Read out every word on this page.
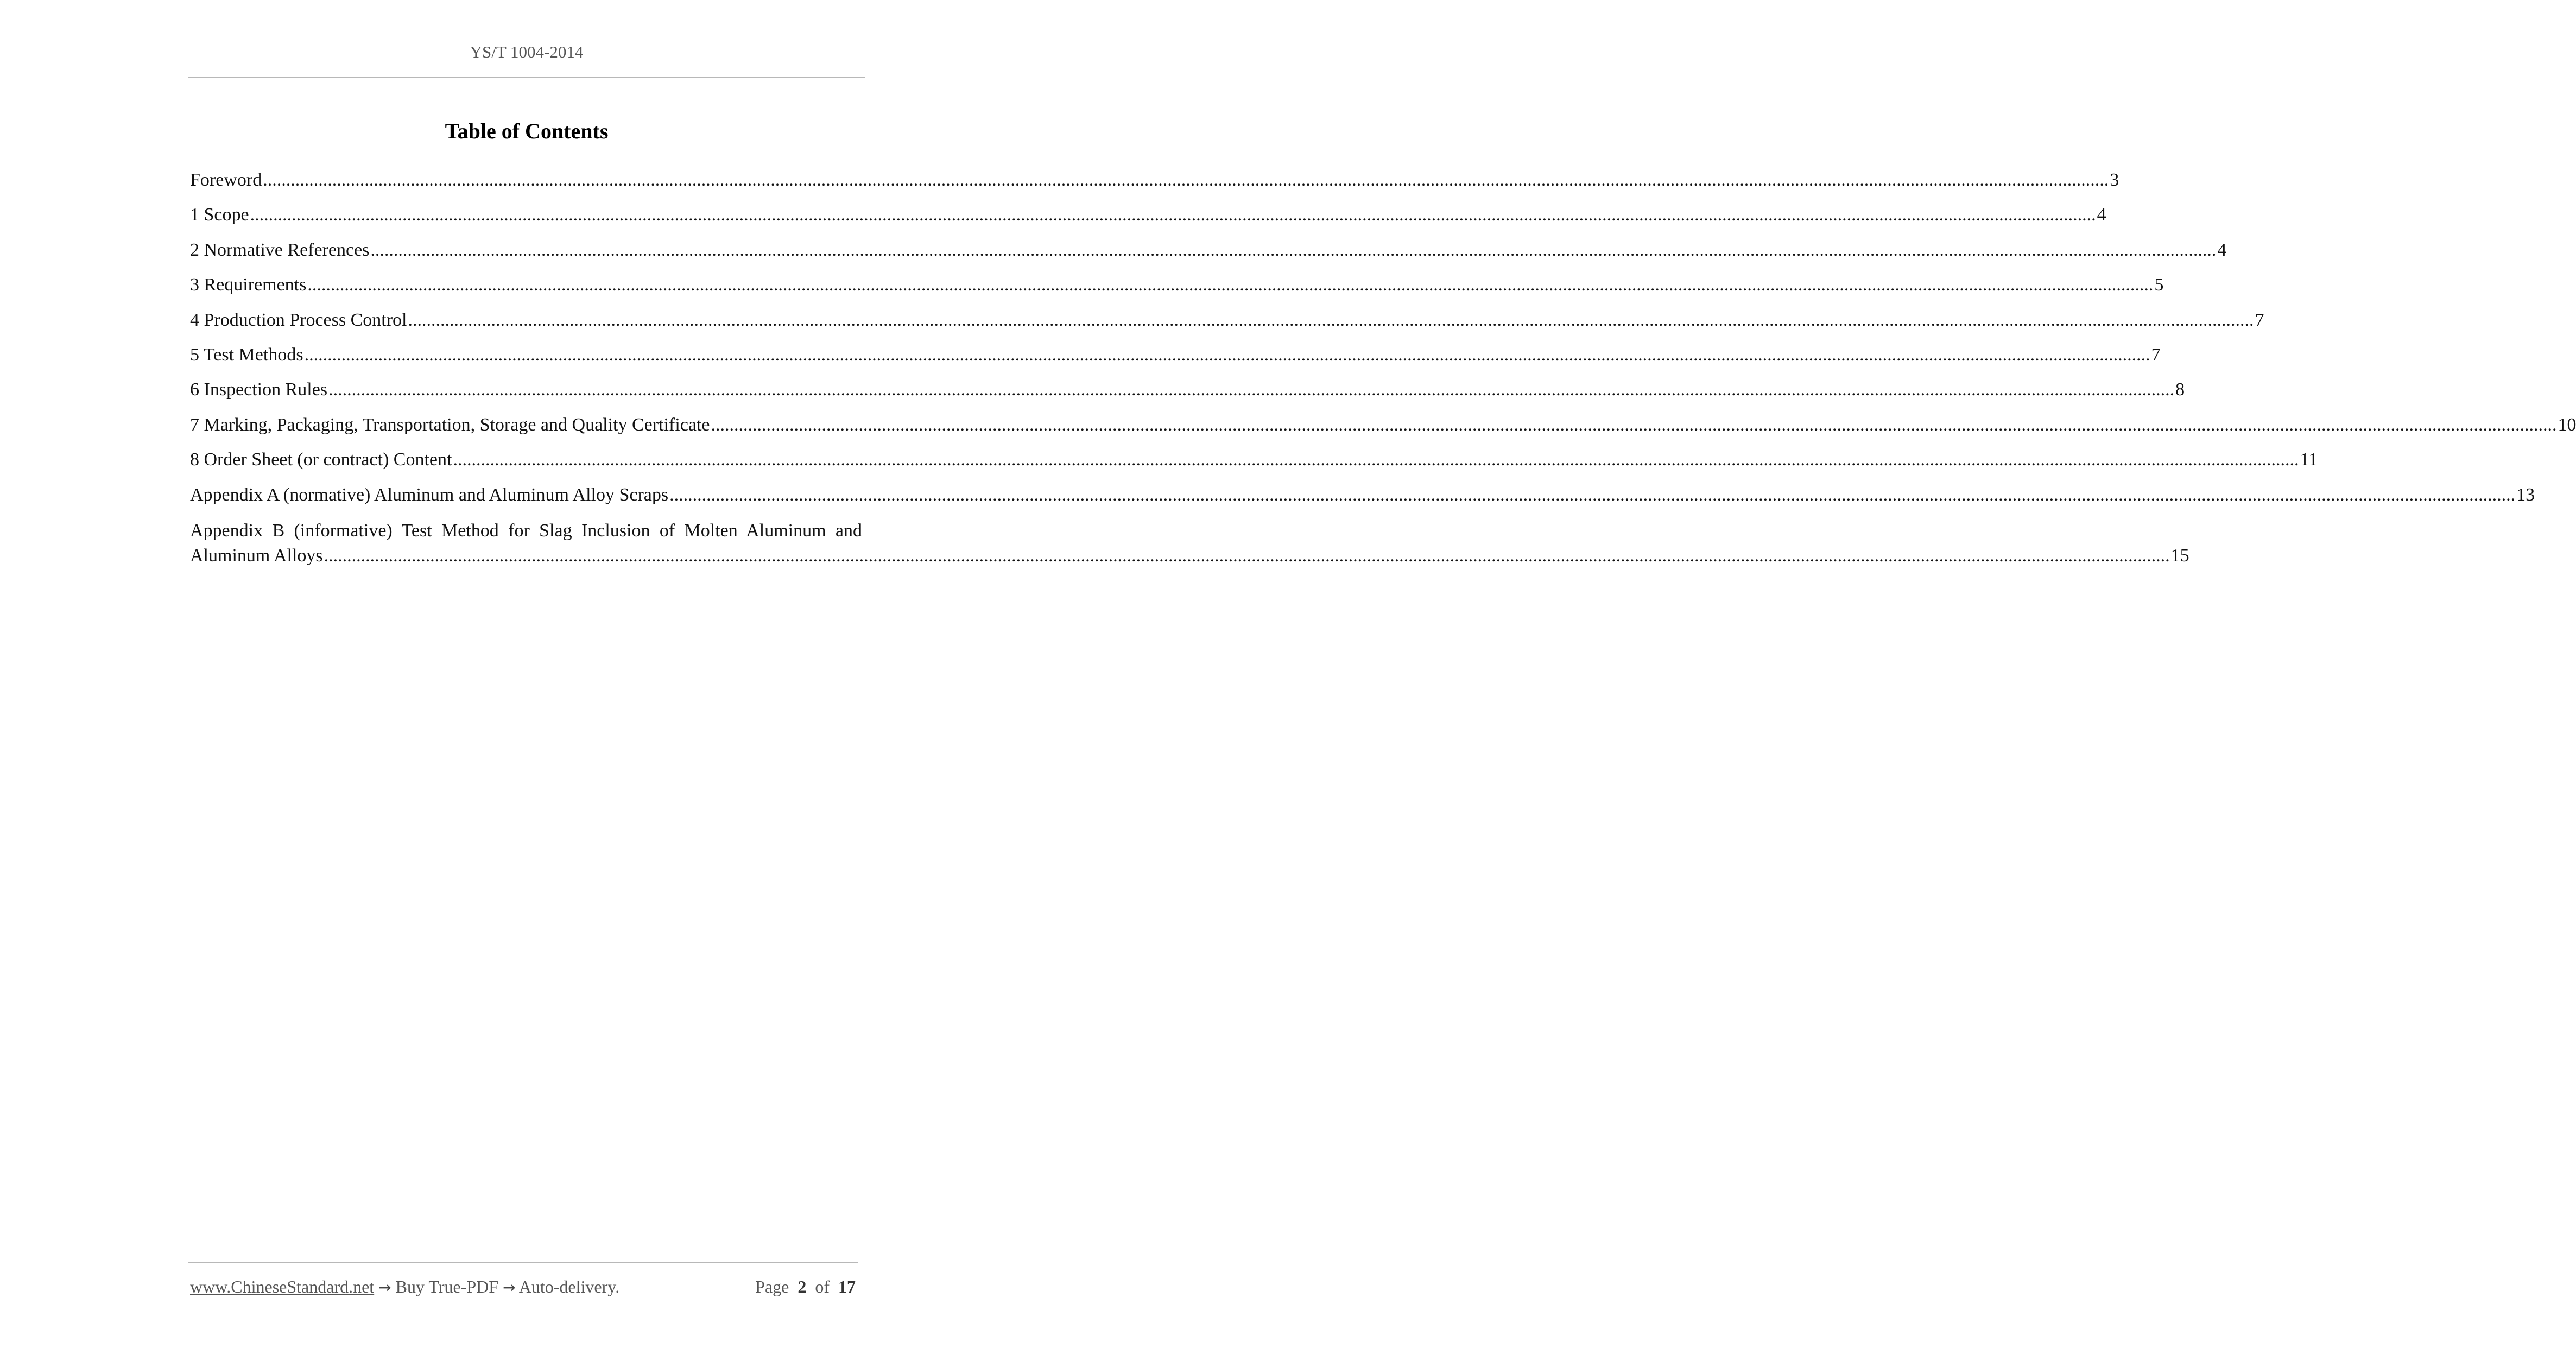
YS/T 1004-2014
Table of Contents
Foreword ................................................................................................................................................................................................................................................................................................................................................................................................................ 3
1 Scope ................................................................................................................................................................................................................................................................................................................................................................................................................ 4
2 Normative References ................................................................................................................................................................................................................................................................................................................................................................................................................ 4
3 Requirements ................................................................................................................................................................................................................................................................................................................................................................................................................ 5
4 Production Process Control ................................................................................................................................................................................................................................................................................................................................................................................................................ 7
5 Test Methods ................................................................................................................................................................................................................................................................................................................................................................................................................ 7
6 Inspection Rules ................................................................................................................................................................................................................................................................................................................................................................................................................ 8
7 Marking, Packaging, Transportation, Storage and Quality Certificate ................................................................................................................................................................................................................................................................................................................................................................................................................ 10
8 Order Sheet (or contract) Content ................................................................................................................................................................................................................................................................................................................................................................................................................ 11
Appendix A (normative) Aluminum and Aluminum Alloy Scraps ................................................................................................................................................................................................................................................................................................................................................................................................................ 13
Appendix B (informative) Test Method for Slag Inclusion of Molten Aluminum and
Aluminum Alloys ................................................................................................................................................................................................................................................................................................................................................................................................................ 15
www.ChineseStandard.net → Buy True-PDF → Auto-delivery.	Page 2 of 17
